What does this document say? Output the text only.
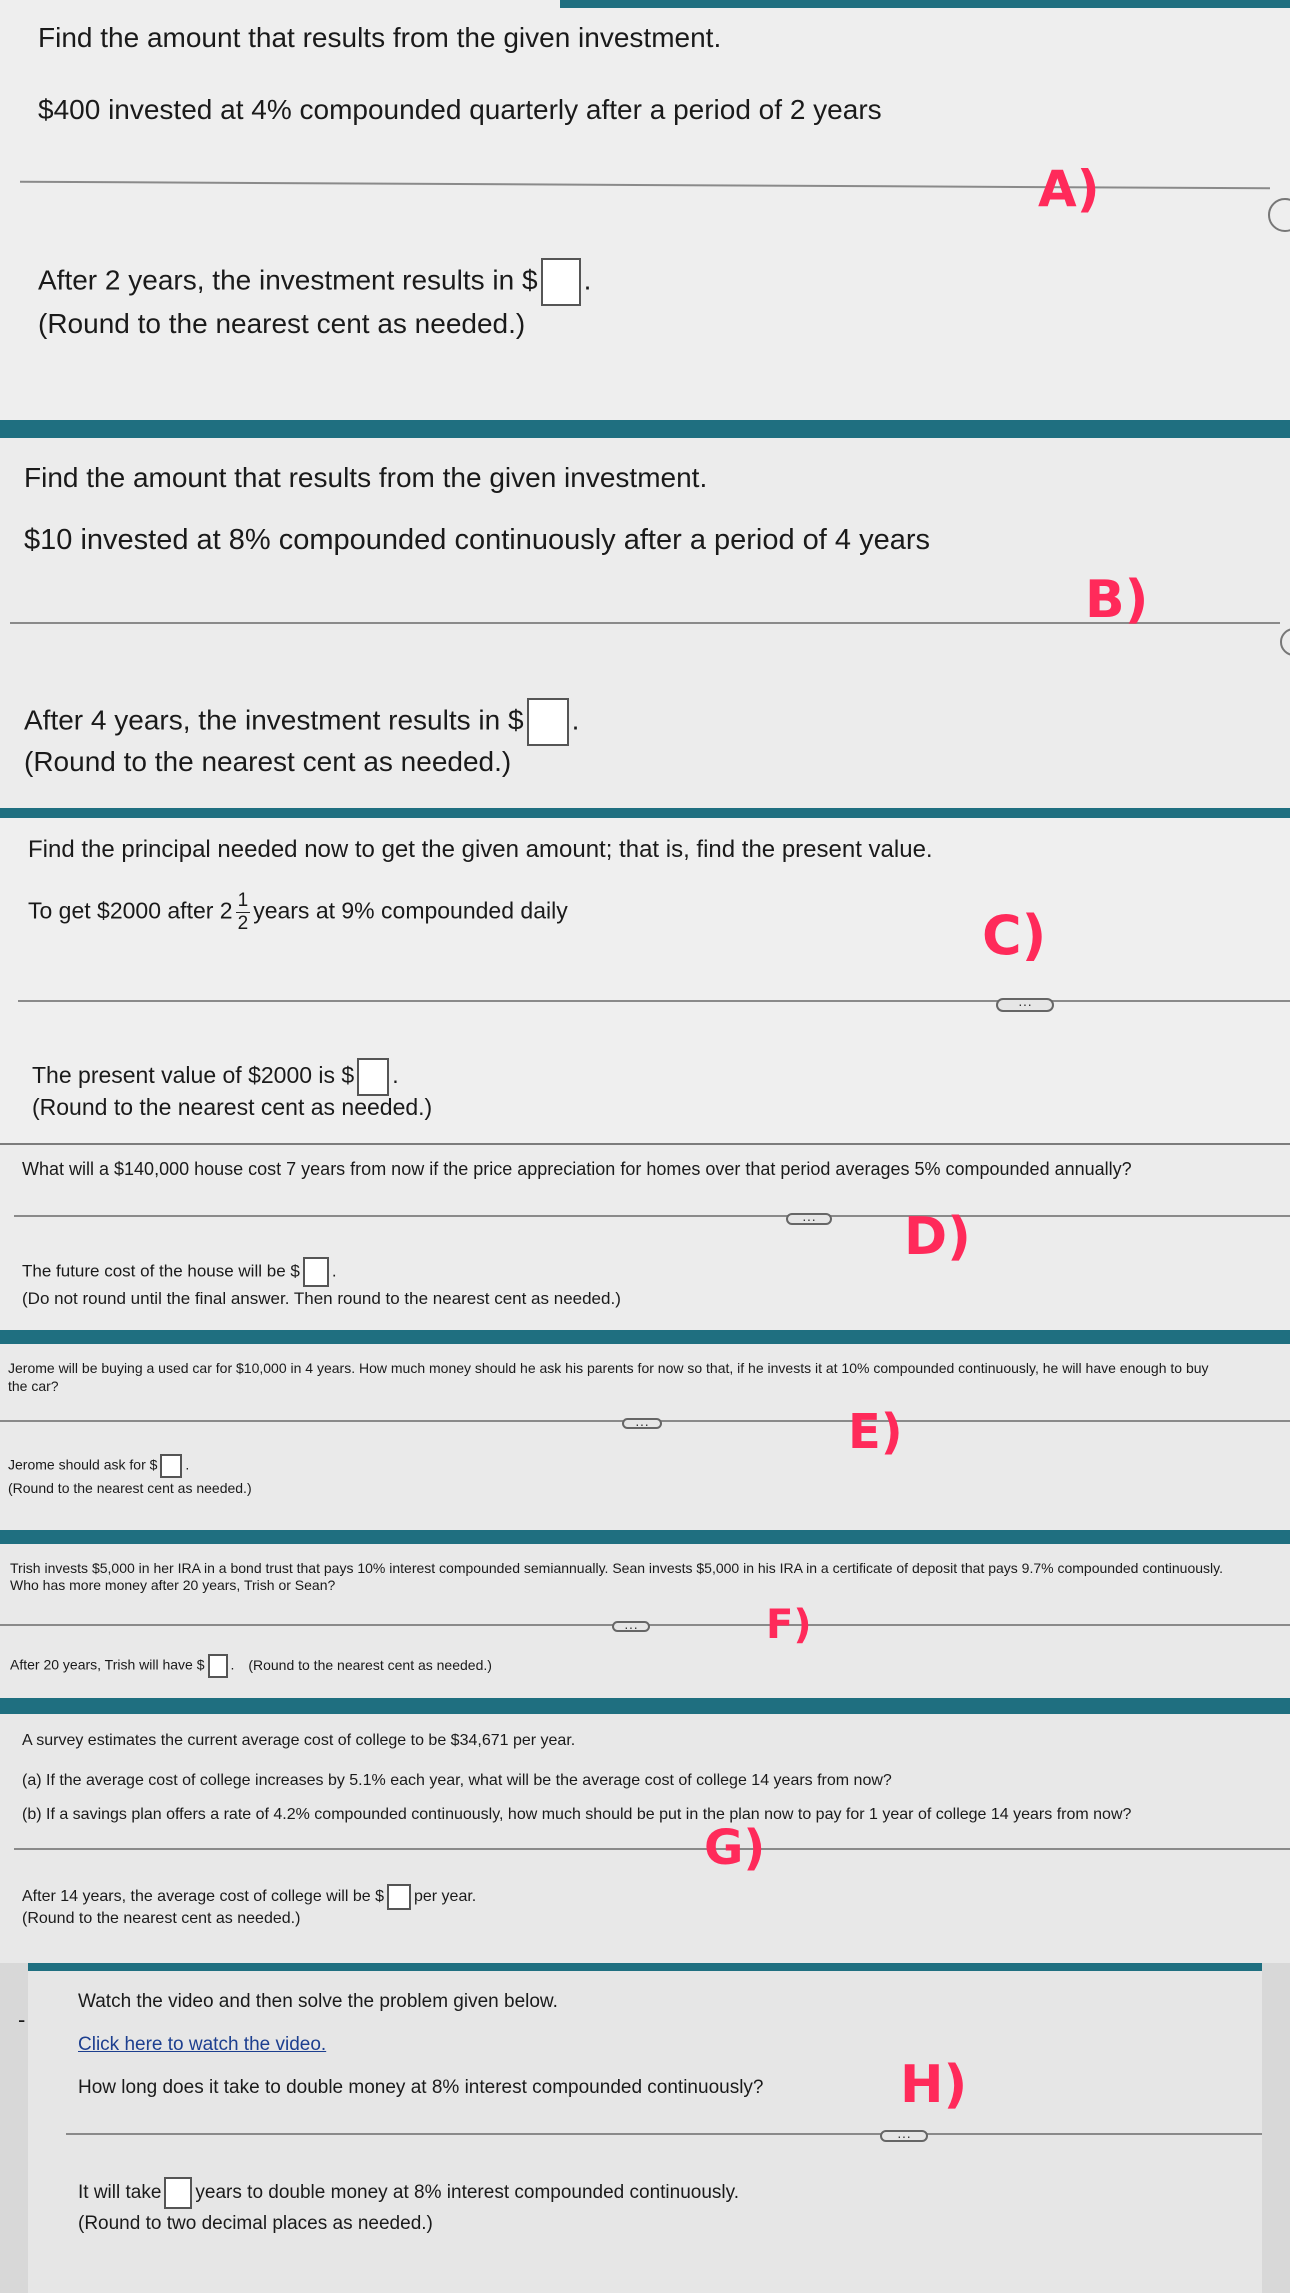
Find the amount that results from the given investment.
$400 invested at 4% compounded quarterly after a period of 2 years
A)
After 2 years, the investment results in $ .
(Round to the nearest cent as needed.)
Find the amount that results from the given investment.
$10 invested at 8% compounded continuously after a period of 4 years
B)
After 4 years, the investment results in $ .
(Round to the nearest cent as needed.)
Find the principal needed now to get the given amount; that is, find the present value.
To get $2000 after $2 \frac{1}{2}$ years at 9% compounded daily
···
C)
The present value of $2000 is $ .
(Round to the nearest cent as needed.)
What will a $140,000 house cost 7 years from now if the price appreciation for homes over that period averages 5% compounded annually?
···	D)
The future cost of the house will be $ .
(Do not round until the final answer. Then round to the nearest cent as needed.)
Jerome will be buying a used car for $10,000 in 4 years. How much money should he ask his parents for now so that, if he invests it at 10% compounded continuously, he will have enough to buy
the car?
···	E)
Jerome should ask for $ .
(Round to the nearest cent as needed.)
Trish invests $5,000 in her IRA in a bond trust that pays 10% interest compounded semiannually. Sean invests $5,000 in his IRA in a certificate of deposit that pays 9.7% compounded continuously.
Who has more money after 20 years, Trish or Sean?
···	F)
After 20 years, Trish will have $ . (Round to the nearest cent as needed.)
A survey estimates the current average cost of college to be $34,671 per year.
(a) If the average cost of college increases by 5.1% each year, what will be the average cost of college 14 years from now?
(b) If a savings plan offers a rate of 4.2% compounded continuously, how much should be put in the plan now to pay for 1 year of college 14 years from now?
G)
After 14 years, the average cost of college will be $ per year.
(Round to the nearest cent as needed.)
-
Watch the video and then solve the problem given below.
Click here to watch the video.
How long does it take to double money at 8% interest compounded continuously?
···
H)
It will take years to double money at 8% interest compounded continuously.
(Round to two decimal places as needed.)
